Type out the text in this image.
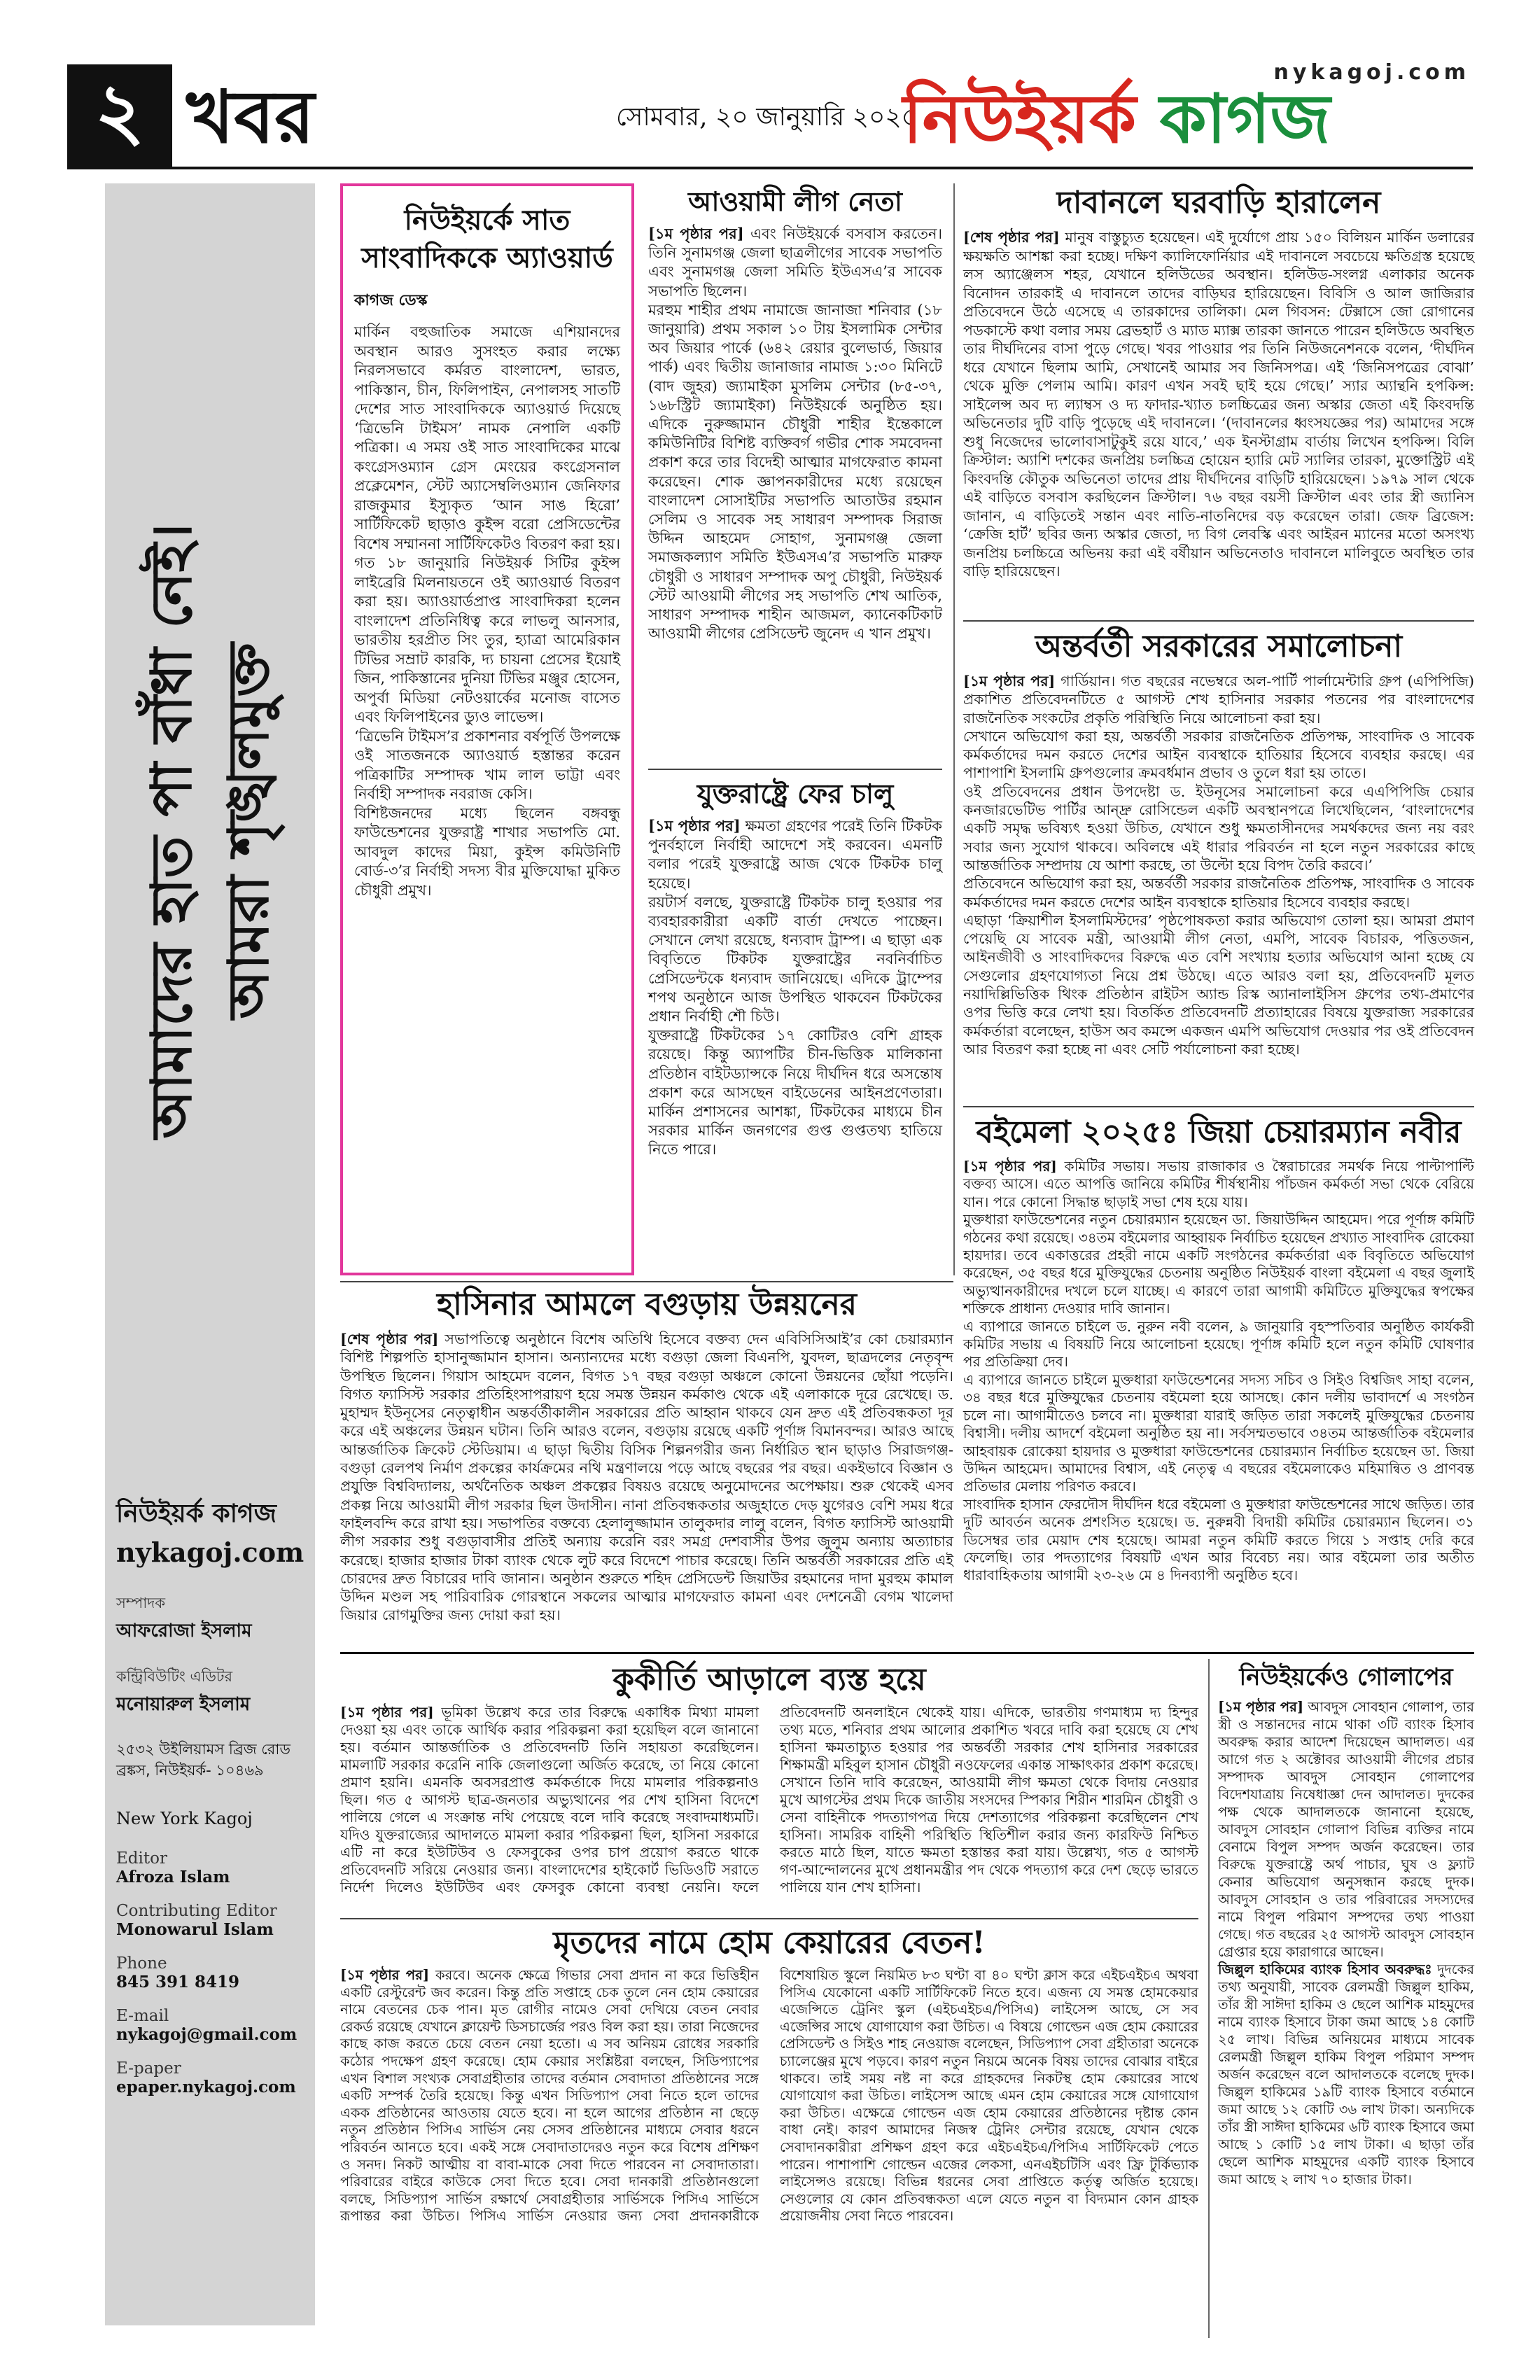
২ খবর	সোমবার, ২০ জানুয়ারি ২০২৫
nykagoj.com
নিউইয়র্ক কাগজ
আমাদের হাত পা বাঁধা নেই। আমরা শৃঙ্খলমুক্ত
নিউইয়র্ক কাগজ
nykagoj.com
সম্পাদক
আফরোজা ইসলাম
কন্ট্রিবিউটিং এডিটর
মনোয়ারুল ইসলাম
২৫৩২ উইলিয়ামস ব্রিজ রোড
ব্রঙ্কস, নিউইয়র্ক- ১০৪৬৯
New York Kagoj
Editor
Afroza Islam
Contributing Editor
Monowarul Islam
Phone
845 391 8419
E-mail
nykagoj@gmail.com
E-paper
epaper.nykagoj.com
নিউইয়র্কে সাত সাংবাদিককে অ্যাওয়ার্ড
কাগজ ডেস্ক
মার্কিন বহুজাতিক সমাজে এশিয়ানদের অবস্থান আরও সুসংহত করার লক্ষ্যে নিরলসভাবে কর্মরত বাংলাদেশ, ভারত, পাকিস্তান, চীন, ফিলিপাইন, নেপালসহ সাতটি দেশের সাত সাংবাদিককে অ্যাওয়ার্ড দিয়েছে ‘ত্রিভেনি টাইমস’ নামক নেপালি একটি পত্রিকা। এ সময় ওই সাত সাংবাদিকের মাঝে কংগ্রেসওম্যান গ্রেস মেংয়ের কংগ্রেসনাল প্রক্লেমেশন, স্টেট অ্যাসেম্বলিওম্যান জেনিফার রাজকুমার ইস্যুকৃত ‘আন সাঙ হিরো’ সার্টিফিকেট ছাড়াও কুইন্স বরো প্রেসিডেন্টের বিশেষ সম্মাননা সার্টিফিকেটও বিতরণ করা হয়।
গত ১৮ জানুয়ারি নিউইয়র্ক সিটির কুইন্স লাইব্রেরি মিলনায়তনে ওই অ্যাওয়ার্ড বিতরণ করা হয়। অ্যাওয়ার্ডপ্রাপ্ত সাংবাদিকরা হলেন বাংলাদেশ প্রতিনিধিত্ব করে লাভলু আনসার, ভারতীয় হরপ্রীত সিং তুর, হ্যাত্রা আমেরিকান টিভির সম্রাট কারকি, দ্য চায়না প্রেসের ইয়োই জিন, পাকিস্তানের দুনিয়া টিভির মঞ্জুর হোসেন, অপুর্বা মিডিয়া নেটওয়ার্কের মনোজ বাসেত এবং ফিলিপাইনের ড্যুও লাভেন্স।
‘ত্রিভেনি টাইমস’র প্রকাশনার বর্ষপূর্তি উপলক্ষে ওই সাতজনকে অ্যাওয়ার্ড হস্তান্তর করেন পত্রিকাটির সম্পাদক খাম লাল ভাট্টা এবং নির্বাহী সম্পাদক নবরাজ কেসি।
বিশিষ্টজনদের মধ্যে ছিলেন বঙ্গবন্ধু ফাউন্ডেশনের যুক্তরাষ্ট্র শাখার সভাপতি মো. আবদুল কাদের মিয়া, কুইন্স কমিউনিটি বোর্ড-৩’র নির্বাহী সদস্য বীর মুক্তিযোদ্ধা মুকিত চৌধুরী প্রমুখ।
আওয়ামী লীগ নেতা
[১ম পৃষ্ঠার পর] এবং নিউইয়র্কে বসবাস করতেন। তিনি সুনামগঞ্জ জেলা ছাত্রলীগের সাবেক সভাপতি এবং সুনামগঞ্জ জেলা সমিতি ইউএসএ’র সাবেক সভাপতি ছিলেন।
মরহুম শাহীর প্রথম নামাজে জানাজা শনিবার (১৮ জানুয়ারি) প্রথম সকাল ১০ টায় ইসলামিক সেন্টার অব জিয়ার পার্কে (৬৪২ রেয়ার বুলেভার্ড, জিয়ার পার্ক) এবং দ্বিতীয় জানাজার নামাজ ১:৩০ মিনিটে (বাদ জুহর) জ্যামাইকা মুসলিম সেন্টার (৮৫-৩৭, ১৬৮স্ট্রিট জ্যামাইকা) নিউইয়র্কে অনুষ্ঠিত হয়। এদিকে নুরুজ্জামান চৌধুরী শাহীর ইন্তেকালে কমিউনিটির বিশিষ্ট ব্যক্তিবর্গ গভীর শোক সমবেদনা প্রকাশ করে তার বিদেহী আত্মার মাগফেরাত কামনা করেছেন। শোক জ্ঞাপনকারীদের মধ্যে রয়েছেন বাংলাদেশ সোসাইটির সভাপতি আতাউর রহমান সেলিম ও সাবেক সহ সাধারণ সম্পাদক সিরাজ উদ্দিন আহমেদ সোহাগ, সুনামগঞ্জ জেলা সমাজকল্যাণ সমিতি ইউএসএ’র সভাপতি মারুফ চৌধুরী ও সাধারণ সম্পাদক অপু চৌধুরী, নিউইয়র্ক স্টেট আওয়ামী লীগের সহ সভাপতি শেখ আতিক, সাধারণ সম্পাদক শাহীন আজমল, ক্যানেকটিকাট আওয়ামী লীগের প্রেসিডেন্ট জুনেদ এ খান প্রমুখ।
যুক্তরাষ্ট্রে ফের চালু
[১ম পৃষ্ঠার পর] ক্ষমতা গ্রহণের পরেই তিনি টিকটক পুনর্বহালে নির্বাহী আদেশে সই করবেন। এমনটি বলার পরেই যুক্তরাষ্ট্রে আজ থেকে টিকটক চালু হয়েছে।
রয়টার্স বলছে, যুক্তরাষ্ট্রে টিকটক চালু হওয়ার পর ব্যবহারকারীরা একটি বার্তা দেখতে পাচ্ছেন। সেখানে লেখা রয়েছে, ধন্যবাদ ট্রাম্প। এ ছাড়া এক বিবৃতিতে টিকটক যুক্তরাষ্ট্রের নবনির্বাচিত প্রেসিডেন্টকে ধন্যবাদ জানিয়েছে। এদিকে ট্রাম্পের শপথ অনুষ্ঠানে আজ উপস্থিত থাকবেন টিকটকের প্রধান নির্বাহী শৌ চিউ।
যুক্তরাষ্ট্রে টিকটকের ১৭ কোটিরও বেশি গ্রাহক রয়েছে। কিন্তু অ্যাপটির চীন-ভিত্তিক মালিকানা প্রতিষ্ঠান বাইটড্যান্সকে নিয়ে দীর্ঘদিন ধরে অসন্তোষ প্রকাশ করে আসছেন বাইডেনের আইনপ্রণেতারা। মার্কিন প্রশাসনের আশঙ্কা, টিকটকের মাধ্যমে চীন সরকার মার্কিন জনগণের গুপ্ত গুপ্ততথ্য হাতিয়ে নিতে পারে।
দাবানলে ঘরবাড়ি হারালেন
[শেষ পৃষ্ঠার পর] মানুষ বাস্তুচ্যুত হয়েছেন। এই দুর্যোগে প্রায় ১৫০ বিলিয়ন মার্কিন ডলারের ক্ষয়ক্ষতি আশঙ্কা করা হচ্ছে। দক্ষিণ ক্যালিফোর্নিয়ার এই দাবানলে সবচেয়ে ক্ষতিগ্রস্ত হয়েছে লস অ্যাঞ্জেলস শহর, যেখানে হলিউডের অবস্থান। হলিউড-সংলগ্ন এলাকার অনেক বিনোদন তারকাই এ দাবানলে তাদের বাড়িঘর হারিয়েছেন। বিবিসি ও আল জাজিরার প্রতিবেদনে উঠে এসেছে এ তারকাদের তালিকা। মেল গিবসন: টেক্সাসে জো রোগানের পডকাস্টে কথা বলার সময় ব্রেভহার্ট ও ম্যাড ম্যাক্স তারকা জানতে পারেন হলিউডে অবস্থিত তার দীর্ঘদিনের বাসা পুড়ে গেছে। খবর পাওয়ার পর তিনি নিউজনেশনকে বলেন, ‘দীর্ঘদিন ধরে যেখানে ছিলাম আমি, সেখানেই আমার সব জিনিসপত্র। এই ‘জিনিসপত্রের বোঝা’ থেকে মুক্তি পেলাম আমি। কারণ এখন সবই ছাই হয়ে গেছে।’ স্যার অ্যান্থনি হপকিন্স: সাইলেন্স অব দ্য ল্যাম্বস ও দ্য ফাদার-খ্যাত চলচ্চিত্রের জন্য অস্কার জেতা এই কিংবদন্তি অভিনেতার দুটি বাড়ি পুড়েছে এই দাবানলে। ‘(দাবানলের ধ্বংসযজ্ঞের পর) আমাদের সঙ্গে শুধু নিজেদের ভালোবাসাটুকুই রয়ে যাবে,’ এক ইনস্টাগ্রাম বার্তায় লিখেন হপকিন্স। বিলি ক্রিস্টাল: অ্যাশি দশকের জনপ্রিয় চলচ্চিত্র হোয়েন হ্যারি মেট স্যালির তারকা, মুক্তোস্ট্রিট এই কিংবদন্তি কৌতুক অভিনেতা তাদের প্রায় দীর্ঘদিনের বাড়িটি হারিয়েছেন। ১৯৭৯ সাল থেকে এই বাড়িতে বসবাস করছিলেন ক্রিস্টাল। ৭৬ বছর বয়সী ক্রিস্টাল এবং তার স্ত্রী জ্যানিস জানান, এ বাড়িতেই সন্তান এবং নাতি-নাতনিদের বড় করেছেন তারা। জেফ ব্রিজেস: ‘ক্রেজি হার্ট’ ছবির জন্য অস্কার জেতা, দ্য বিগ লেবস্কি এবং আইরন ম্যানের মতো অসংখ্য জনপ্রিয় চলচ্চিত্রে অভিনয় করা এই বর্ষীয়ান অভিনেতাও দাবানলে মালিবুতে অবস্থিত তার বাড়ি হারিয়েছেন।
অন্তর্বর্তী সরকারের সমালোচনা
[১ম পৃষ্ঠার পর] গার্ডিয়ান। গত বছরের নভেম্বরে অল-পার্টি পার্লামেন্টারি গ্রুপ (এপিপিজি) প্রকাশিত প্রতিবেদনটিতে ৫ আগস্ট শেখ হাসিনার সরকার পতনের পর বাংলাদেশের রাজনৈতিক সংকটের প্রকৃতি পরিস্থিতি নিয়ে আলোচনা করা হয়।
সেখানে অভিযোগ করা হয়, অন্তর্বর্তী সরকার রাজনৈতিক প্রতিপক্ষ, সাংবাদিক ও সাবেক কর্মকর্তাদের দমন করতে দেশের আইন ব্যবস্থাকে হাতিয়ার হিসেবে ব্যবহার করছে। এর পাশাপাশি ইসলামি গ্রুপগুলোর ক্রমবর্ধমান প্রভাব ও তুলে ধরা হয় তাতে।
ওই প্রতিবেদনের প্রধান উপদেষ্টা ড. ইউনূসের সমালোচনা করে এএপিপিজি চেয়ার কনজারভেটিভ পার্টির আন্দ্রু রোসিন্ডেল একটি অবস্থানপত্রে লিখেছিলেন, ‘বাংলাদেশের একটি সমৃদ্ধ ভবিষ্যৎ হওয়া উচিত, যেখানে শুধু ক্ষমতাসীনদের সমর্থকদের জন্য নয় বরং সবার জন্য সুযোগ থাকবে। অবিলম্বে এই ধারার পরিবর্তন না হলে নতুন সরকারের কাছে আন্তর্জাতিক সম্প্রদায় যে আশা করছে, তা উল্টো হয়ে বিপদ তৈরি করবে।’
প্রতিবেদনে অভিযোগ করা হয়, অন্তর্বর্তী সরকার রাজনৈতিক প্রতিপক্ষ, সাংবাদিক ও সাবেক কর্মকর্তাদের দমন করতে দেশের আইন ব্যবস্থাকে হাতিয়ার হিসেবে ব্যবহার করছে।
এছাড়া ‘ক্রিয়াশীল ইসলামিস্টদের’ পৃষ্ঠপোষকতা করার অভিযোগ তোলা হয়। আমরা প্রমাণ পেয়েছি যে সাবেক মন্ত্রী, আওয়ামী লীগ নেতা, এমপি, সাবেক বিচারক, পত্তিতজন, আইনজীবী ও সাংবাদিকদের বিরুদ্ধে এত বেশি সংখ্যায় হত্যার অভিযোগ আনা হচ্ছে যে সেগুলোর গ্রহণযোগ্যতা নিয়ে প্রশ্ন উঠছে। এতে আরও বলা হয়, প্রতিবেদনটি মূলত নয়াদিল্লিভিত্তিক থিংক প্রতিষ্ঠান রাইটস অ্যান্ড রিস্ক অ্যানালাইসিস গ্রুপের তথ্য-প্রমাণের ওপর ভিত্তি করে লেখা হয়। বিতর্কিত প্রতিবেদনটি প্রত্যাহারের বিষয়ে যুক্তরাজ্য সরকারের কর্মকর্তারা বলেছেন, হাউস অব কমন্সে একজন এমপি অভিযোগ দেওয়ার পর ওই প্রতিবেদন আর বিতরণ করা হচ্ছে না এবং সেটি পর্যালোচনা করা হচ্ছে।
বইমেলা ২০২৫ঃ জিয়া চেয়ারম্যান নবীর
[১ম পৃষ্ঠার পর] কমিটির সভায়। সভায় রাজাকার ও স্বৈরাচারের সমর্থক নিয়ে পাল্টাপাল্টি বক্তব্য আসে। এতে আপত্তি জানিয়ে কমিটির শীর্ষস্থানীয় পাঁচজন কর্মকর্তা সভা থেকে বেরিয়ে যান। পরে কোনো সিদ্ধান্ত ছাড়াই সভা শেষ হয়ে যায়।
মুক্তধারা ফাউন্ডেশনের নতুন চেয়ারম্যান হয়েছেন ডা. জিয়াউদ্দিন আহমেদ। পরে পূর্ণাঙ্গ কমিটি গঠনের কথা রয়েছে। ৩৪তম বইমেলার আহ্বায়ক নির্বাচিত হয়েছেন প্রখ্যাত সাংবাদিক রোকেয়া হায়দার। তবে একাত্তরের প্রহরী নামে একটি সংগঠনের কর্মকর্তারা এক বিবৃতিতে অভিযোগ করেছেন, ৩৫ বছর ধরে মুক্তিযুদ্ধের চেতনায় অনুষ্ঠিত নিউইয়র্ক বাংলা বইমেলা এ বছর জুলাই অভ্যুত্থানকারীদের দখলে চলে যাচ্ছে। এ কারণে তারা আগামী কমিটিতে মুক্তিযুদ্ধের স্বপক্ষের শক্তিকে প্রাধান্য দেওয়ার দাবি জানান।
এ ব্যাপারে জানতে চাইলে ড. নুরুন নবী বলেন, ৯ জানুয়ারি বৃহস্পতিবার অনুষ্ঠিত কার্যকরী কমিটির সভায় এ বিষয়টি নিয়ে আলোচনা হয়েছে। পূর্ণাঙ্গ কমিটি হলে নতুন কমিটি ঘোষণার পর প্রতিক্রিয়া দেব।
এ ব্যাপারে জানতে চাইলে মুক্তধারা ফাউন্ডেশনের সদস্য সচিব ও সিইও বিশ্বজিৎ সাহা বলেন, ৩৪ বছর ধরে মুক্তিযুদ্ধের চেতনায় বইমেলা হয়ে আসছে। কোন দলীয় ভাবাদর্শে এ সংগঠন চলে না। আগামীতেও চলবে না। মুক্তধারা যারাই জড়িত তারা সকলেই মুক্তিযুদ্ধের চেতনায় বিশ্বাসী। দলীয় আদর্শে বইমেলা অনুষ্ঠিত হয় না। সর্বসম্মতভাবে ৩৪তম আন্তর্জাতিক বইমেলার আহবায়ক রোকেয়া হায়দার ও মুক্তধারা ফাউন্ডেশনের চেয়ারম্যান নির্বাচিত হয়েছেন ডা. জিয়া উদ্দিন আহমেদ। আমাদের বিশ্বাস, এই নেতৃত্ব এ বছরের বইমেলাকেও মহিমান্বিত ও প্রাণবন্ত প্রতিভার মেলায় পরিণত করবে।
সাংবাদিক হাসান ফেরদৌস দীর্ঘদিন ধরে বইমেলা ও মুক্তধারা ফাউন্ডেশনের সাথে জড়িত। তার দুটি আবর্তন অনেক প্রশংসিত হয়েছে। ড. নুরুন্নবী বিদায়ী কমিটির চেয়ারম্যান ছিলেন। ৩১ ডিসেম্বর তার মেয়াদ শেষ হয়েছে। আমরা নতুন কমিটি করতে গিয়ে ১ সপ্তাহ দেরি করে ফেলেছি। তার পদত্যাগের বিষয়টি এখন আর বিবেচ্য নয়। আর বইমেলা তার অতীত ধারাবাহিকতায় আগামী ২৩-২৬ মে ৪ দিনব্যাপী অনুষ্ঠিত হবে।
হাসিনার আমলে বগুড়ায় উন্নয়নের
[শেষ পৃষ্ঠার পর] সভাপতিত্বে অনুষ্ঠানে বিশেষ অতিথি হিসেবে বক্তব্য দেন এবিসিসিআই’র কো চেয়ারম্যান বিশিষ্ট শিল্পপতি হাসানুজ্জামান হাসান। অন্যান্যদের মধ্যে বগুড়া জেলা বিএনপি, যুবদল, ছাত্রদলের নেতৃবৃন্দ উপস্থিত ছিলেন। গিয়াস আহমেদ বলেন, বিগত ১৭ বছর বগুড়া অঞ্চলে কোনো উন্নয়নের ছোঁয়া পড়েনি। বিগত ফ্যাসিস্ট সরকার প্রতিহিংসাপরায়ণ হয়ে সমস্ত উন্নয়ন কর্মকাণ্ড থেকে এই এলাকাকে দূরে রেখেছে। ড. মুহাম্মদ ইউনূসের নেতৃত্বাধীন অন্তর্বর্তীকালীন সরকারের প্রতি আহ্বান থাকবে যেন দ্রুত এই প্রতিবন্ধকতা দূর করে এই অঞ্চলের উন্নয়ন ঘটান। তিনি আরও বলেন, বগুড়ায় রয়েছে একটি পূর্ণাঙ্গ বিমানবন্দর। আরও আছে আন্তর্জাতিক ক্রিকেট স্টেডিয়াম। এ ছাড়া দ্বিতীয় বিসিক শিল্পনগরীর জন্য নির্ধারিত স্থান ছাড়াও সিরাজগঞ্জ-বগুড়া রেলপথ নির্মাণ প্রকল্পের কার্যক্রমের নথি মন্ত্রণালয়ে পড়ে আছে বছরের পর বছর। একইভাবে বিজ্ঞান ও প্রযুক্তি বিশ্ববিদ্যালয়, অর্থনৈতিক অঞ্চল প্রকল্পের বিষয়ও রয়েছে অনুমোদনের অপেক্ষায়। শুরু থেকেই এসব প্রকল্প নিয়ে আওয়ামী লীগ সরকার ছিল উদাসীন। নানা প্রতিবন্ধকতার অজুহাতে দেড় যুগেরও বেশি সময় ধরে ফাইলবন্দি করে রাখা হয়। সভাপতির বক্তব্যে হেলালুজ্জামান তালুকদার লালু বলেন, বিগত ফ্যাসিস্ট আওয়ামী লীগ সরকার শুধু বগুড়াবাসীর প্রতিই অন্যায় করেনি বরং সমগ্র দেশবাসীর উপর জুলুম অন্যায় অত্যাচার করেছে। হাজার হাজার টাকা ব্যাংক থেকে লুট করে বিদেশে পাচার করেছে। তিনি অন্তর্বর্তী সরকারের প্রতি এই চোরদের দ্রুত বিচারের দাবি জানান। অনুষ্ঠান শুরুতে শহিদ প্রেসিডেন্ট জিয়াউর রহমানের দাদা মুরহুম কামাল উদ্দিন মণ্ডল সহ পারিবারিক গোরস্থানে সকলের আত্মার মাগফেরাত কামনা এবং দেশনেত্রী বেগম খালেদা জিয়ার রোগমুক্তির জন্য দোয়া করা হয়।
কুকীর্তি আড়ালে ব্যস্ত হয়ে
[১ম পৃষ্ঠার পর] ভূমিকা উল্লেখ করে তার বিরুদ্ধে একাধিক মিথ্যা মামলা দেওয়া হয় এবং তাকে আর্থিক করার পরিকল্পনা করা হয়েছিল বলে জানানো হয়। বর্তমান আন্তর্জাতিক ও প্রতিবেদনটি তিনি সহায়তা করেছিলেন। মামলাটি সরকার করেনি নাকি জেলাগুলো অর্জিত করেছে, তা নিয়ে কোনো প্রমাণ হয়নি। এমনকি অবসরপ্রাপ্ত কর্মকর্তাকে দিয়ে মামলার পরিকল্পনাও ছিল। গত ৫ আগস্ট ছাত্র-জনতার অভ্যুত্থানের পর শেখ হাসিনা বিদেশে পালিয়ে গেলে এ সংক্রান্ত নথি পেয়েছে বলে দাবি করেছে সংবাদমাধ্যমটি। যদিও যুক্তরাজ্যের আদালতে মামলা করার পরিকল্পনা ছিল, হাসিনা সরকারে এটি না করে ইউটিউব ও ফেসবুকের ওপর চাপ প্রয়োগ করতে থাকে প্রতিবেদনটি সরিয়ে নেওয়ার জন্য। বাংলাদেশের হাইকোর্ট ভিডিওটি সরাতে নির্দেশ দিলেও ইউটিউব এবং ফেসবুক কোনো ব্যবস্থা নেয়নি। ফলে প্রতিবেদনটি অনলাইনে থেকেই যায়। এদিকে, ভারতীয় গণমাধ্যম দ্য হিন্দুর তথ্য মতে, শনিবার প্রথম আলোর প্রকাশিত খবরে দাবি করা হয়েছে যে শেখ হাসিনা ক্ষমতাচ্যুত হওয়ার পর অন্তর্বর্তী সরকার শেখ হাসিনার সরকারের শিক্ষামন্ত্রী মহিবুল হাসান চৌধুরী নওফেলের একান্ত সাক্ষাৎকার প্রকাশ করেছে। সেখানে তিনি দাবি করেছেন, আওয়ামী লীগ ক্ষমতা থেকে বিদায় নেওয়ার মুখে আগস্টের প্রথম দিকে জাতীয় সংসদের স্পিকার শিরীন শারমিন চৌধুরী ও সেনা বাহিনীকে পদত্যাগপত্র দিয়ে দেশত্যাগের পরিকল্পনা করেছিলেন শেখ হাসিনা। সামরিক বাহিনী পরিস্থিতি স্থিতিশীল করার জন্য কারফিউ নিশ্চিত করতে মাঠে ছিল, যাতে ক্ষমতা হস্তান্তর করা যায়। উল্লেখ্য, গত ৫ আগস্ট গণ-আন্দোলনের মুখে প্রধানমন্ত্রীর পদ থেকে পদত্যাগ করে দেশ ছেড়ে ভারতে পালিয়ে যান শেখ হাসিনা।
মৃতদের নামে হোম কেয়ারের বেতন!
[১ম পৃষ্ঠার পর] করবে। অনেক ক্ষেত্রে গিভার সেবা প্রদান না করে ভিত্তিহীন একটি রেস্টুরেন্ট জব করেন। কিন্তু প্রতি সপ্তাহে চেক তুলে নেন হোম কেয়ারের নামে বেতনের চেক পান। মৃত রোগীর নামেও সেবা দেখিয়ে বেতন নেবার রেকর্ড রয়েছে যেখানে ক্লায়েন্ট ডিসচার্জের পরও বিল করা হয়। তারা নিজেদের কাছে কাজ করতে চেয়ে বেতন নেয়া হতো। এ সব অনিয়ম রোধের সরকারি কঠোর পদক্ষেপ গ্রহণ করেছে। হোম কেয়ার সংশ্লিষ্টরা বলছেন, সিডিপ্যাপের এখন বিশাল সংখ্যক সেবাগ্রহীতার তাদের বর্তমান সেবাদাতা প্রতিষ্ঠানের সঙ্গে একটি সম্পর্ক তৈরি হয়েছে। কিন্তু এখন সিডিপ্যাপ সেবা নিতে হলে তাদের একক প্রতিষ্ঠানের আওতায় যেতে হবে। না হলে আগের প্রতিষ্ঠান না ছেড়ে নতুন প্রতিষ্ঠান পিসিএ সার্ভিস নেয় সেসব প্রতিষ্ঠানের মাধ্যমে সেবার ধরনে পরিবর্তন আনতে হবে। একই সঙ্গে সেবাদাতাদেরও নতুন করে বিশেষ প্রশিক্ষণ ও সনদ। নিকট আত্মীয় বা বাবা-মাকে সেবা দিতে পারবেন না সেবাদাতারা। পরিবারের বাইরে কাউকে সেবা দিতে হবে। সেবা দানকারী প্রতিষ্ঠানগুলো বলছে, সিডিপ্যাপ সার্ভিস রক্ষার্থে সেবাগ্রহীতার সার্ভিসকে পিসিএ সার্ভিসে রূপান্তর করা উচিত। পিসিএ সার্ভিস নেওয়ার জন্য সেবা প্রদানকারীকে বিশেষায়িত স্কুলে নিয়মিত ৮৩ ঘণ্টা বা ৪০ ঘণ্টা ক্লাস করে এইচএইচএ অথবা পিসিএ যেকোনো একটি সার্টিফিকেট নিতে হবে। এজন্য যে সমস্ত হোমকেয়ার এজেন্সিতে ট্রেনিং স্কুল (এইচএইচএ/পিসিএ) লাইসেন্স আছে, সে সব এজেন্সির সাথে যোগাযোগ করা উচিত। এ বিষয়ে গোল্ডেন এজ হোম কেয়ারের প্রেসিডেন্ট ও সিইও শাহ নেওয়াজ বলেছেন, সিডিপ্যাপ সেবা গ্রহীতারা অনেকে চ্যালেঞ্জের মুখে পড়বে। কারণ নতুন নিয়মে অনেক বিষয় তাদের বোঝার বাইরে থাকবে। তাই সময় নষ্ট না করে গ্রাহকদের নিকটস্থ হোম কেয়ারের সাথে যোগাযোগ করা উচিত। লাইসেন্স আছে এমন হোম কেয়ারের সঙ্গে যোগাযোগ করা উচিত। এক্ষেত্রে গোল্ডেন এজ হোম কেয়ারের প্রতিষ্ঠানের দৃষ্টান্ত কোন বাধা নেই। কারণ আমাদের নিজস্ব ট্রেনিং সেন্টার রয়েছে, যেখান থেকে সেবাদানকারীরা প্রশিক্ষণ গ্রহণ করে এইচএইচএ/পিসিএ সার্টিফিকেট পেতে পারেন। পাশাপাশি গোল্ডেন এজের লেকসা, এনএইচটিসি এবং ফ্রি টুর্কিভ্যাক লাইসেন্সও রয়েছে। বিভিন্ন ধরনের সেবা প্রাপ্তিতে কর্তৃত্ব অর্জিত হয়েছে। সেগুলোর যে কোন প্রতিবন্ধকতা এলে যেতে নতুন বা বিদ্যমান কোন গ্রাহক প্রয়োজনীয় সেবা নিতে পারবেন।
নিউইয়র্কেও গোলাপের
[১ম পৃষ্ঠার পর] আবদুস সোবহান গোলাপ, তার স্ত্রী ও সন্তানদের নামে থাকা ৩টি ব্যাংক হিসাব অবরুদ্ধ করার আদেশ দিয়েছেন আদালত। এর আগে গত ২ অক্টোবর আওয়ামী লীগের প্রচার সম্পাদক আবদুস সোবহান গোলাপের বিদেশযাত্রায় নিষেধাজ্ঞা দেন আদালত। দুদকের পক্ষ থেকে আদালতকে জানানো হয়েছে, আবদুস সোবহান গোলাপ বিভিন্ন ব্যক্তির নামে বেনামে বিপুল সম্পদ অর্জন করেছেন। তার বিরুদ্ধে যুক্তরাষ্ট্রে অর্থ পাচার, ঘুষ ও ফ্ল্যাট কেনার অভিযোগ অনুসন্ধান করছে দুদক। আবদুস সোবহান ও তার পরিবারের সদস্যদের নামে বিপুল পরিমাণ সম্পদের তথ্য পাওয়া গেছে। গত বছরের ২৫ আগস্ট আবদুস সোবহান গ্রেপ্তার হয়ে কারাগারে আছেন।
জিল্লুল হাকিমের ব্যাংক হিসাব অবরুদ্ধঃ দুদকের তথ্য অনুযায়ী, সাবেক রেলমন্ত্রী জিল্লুল হাকিম, তাঁর স্ত্রী সাঈদা হাকিম ও ছেলে আশিক মাহমুদের নামে ব্যাংক হিসাবে টাকা জমা আছে ১৪ কোটি ২৫ লাখ। বিভিন্ন অনিয়মের মাধ্যমে সাবেক রেলমন্ত্রী জিল্লুল হাকিম বিপুল পরিমাণ সম্পদ অর্জন করেছেন বলে আদালতকে বলেছে দুদক। জিল্লুল হাকিমের ১৯টি ব্যাংক হিসাবে বর্তমানে জমা আছে ১২ কোটি ৩৬ লাখ টাকা। অন্যদিকে তাঁর স্ত্রী সাঈদা হাকিমের ৬টি ব্যাংক হিসাবে জমা আছে ১ কোটি ১৫ লাখ টাকা। এ ছাড়া তাঁর ছেলে আশিক মাহমুদের একটি ব্যাংক হিসাবে জমা আছে ২ লাখ ৭০ হাজার টাকা।
